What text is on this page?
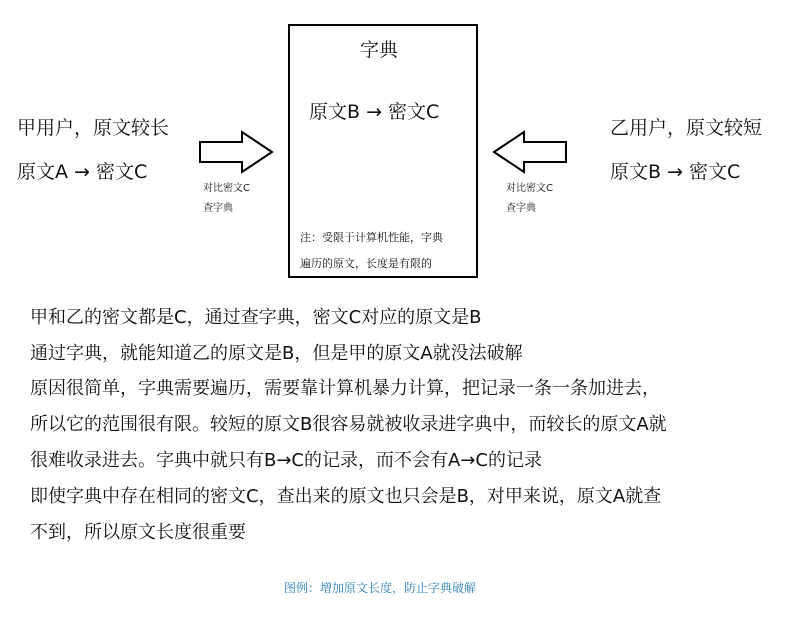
甲用户，原文较长
原文A → 密文C
对比密文C
查字典
字典
原文B → 密文C
注：受限于计算机性能，字典
遍历的原文，长度是有限的
对比密文C
查字典
乙用户，原文较短
原文B → 密文C
甲和乙的密文都是C，通过查字典，密文C对应的原文是B
通过字典，就能知道乙的原文是B，但是甲的原文A就没法破解
原因很简单，字典需要遍历，需要靠计算机暴力计算，把记录一条一条加进去，
所以它的范围很有限。较短的原文B很容易就被收录进字典中，而较长的原文A就
很难收录进去。字典中就只有B→C的记录，而不会有A→C的记录
即使字典中存在相同的密文C，查出来的原文也只会是B，对甲来说，原文A就查
不到，所以原文长度很重要
图例：增加原文长度，防止字典破解
